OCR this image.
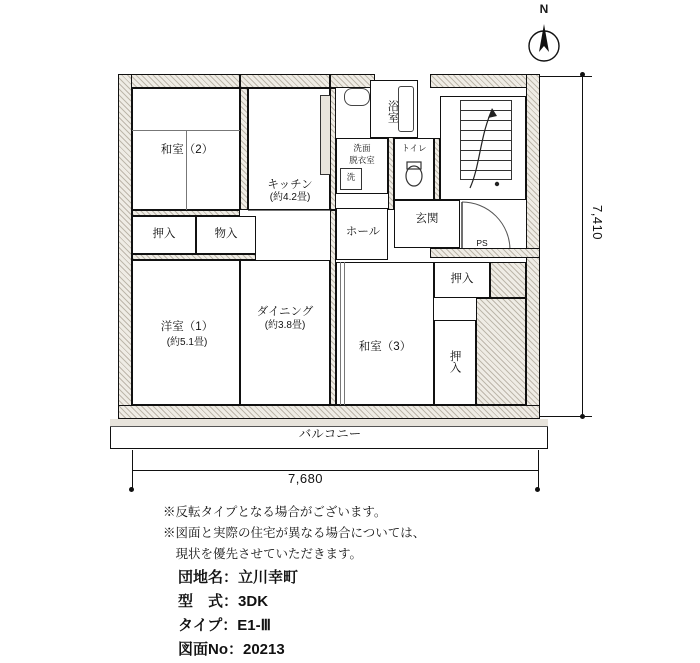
N
和室（2）
キッチン
(約4.2畳)
押入	物入
洋室（1）
(約5.1畳)
ダイニング
(約3.8畳)
ホール
浴室
洗面
脱衣室
洗
トイレ
玄関
PS
押入
和室（3）
押入
バルコニー
7,410
7,680
※反転タイプとなる場合がございます。
※図面と実際の住宅が異なる場合については、
　現状を優先させていただきます。
団地名：立川幸町
型　式：3DK
タイプ：E1-Ⅲ
図面No：20213
